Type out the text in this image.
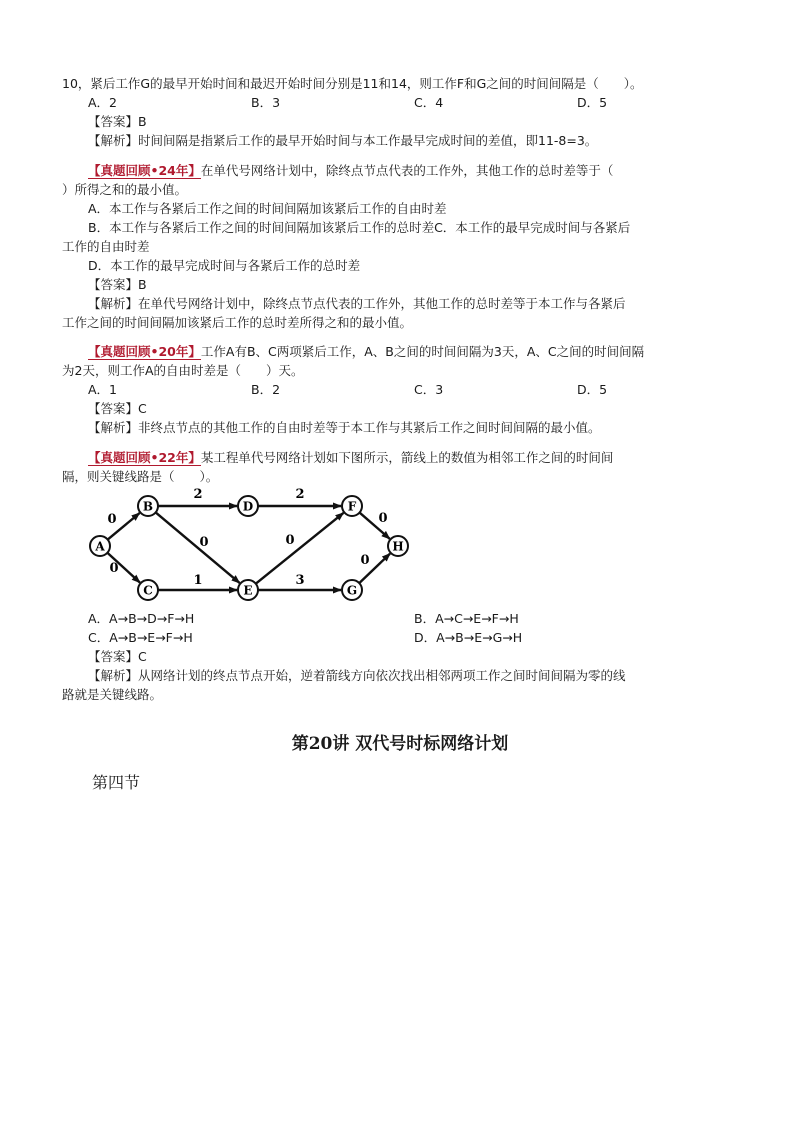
10，紧后工作G的最早开始时间和最迟开始时间分别是11和14，则工作F和G之间的时间间隔是（　　）。
A．2	B．3	C．4	D．5
【答案】B
【解析】时间间隔是指紧后工作的最早开始时间与本工作最早完成时间的差值，即11-8=3。
【真题回顾•24年】在单代号网络计划中，除终点节点代表的工作外，其他工作的总时差等于（
）所得之和的最小值。
A．本工作与各紧后工作之间的时间间隔加该紧后工作的自由时差
B．本工作与各紧后工作之间的时间间隔加该紧后工作的总时差C．本工作的最早完成时间与各紧后
工作的自由时差
D．本工作的最早完成时间与各紧后工作的总时差
【答案】B
【解析】在单代号网络计划中，除终点节点代表的工作外，其他工作的总时差等于本工作与各紧后
工作之间的时间间隔加该紧后工作的总时差所得之和的最小值。
【真题回顾•20年】工作A有B、C两项紧后工作，A、B之间的时间间隔为3天，A、C之间的时间间隔
为2天，则工作A的自由时差是（　　）天。
A．1	B．2	C．3	D．5
【答案】C
【解析】非终点节点的其他工作的自由时差等于本工作与其紧后工作之间时间间隔的最小值。
【真题回顾•22年】某工程单代号网络计划如下图所示，箭线上的数值为相邻工作之间的时间间
隔，则关键线路是（　　）。
0
0
2
0
1
2
0
3
0
0
A
B
C
D
E
F
G
H
A．A→B→D→F→H	B．A→C→E→F→H
C．A→B→E→F→H	D．A→B→E→G→H
【答案】C
【解析】从网络计划的终点节点开始，逆着箭线方向依次找出相邻两项工作之间时间间隔为零的线
路就是关键线路。
第20讲 双代号时标网络计划
第四节
